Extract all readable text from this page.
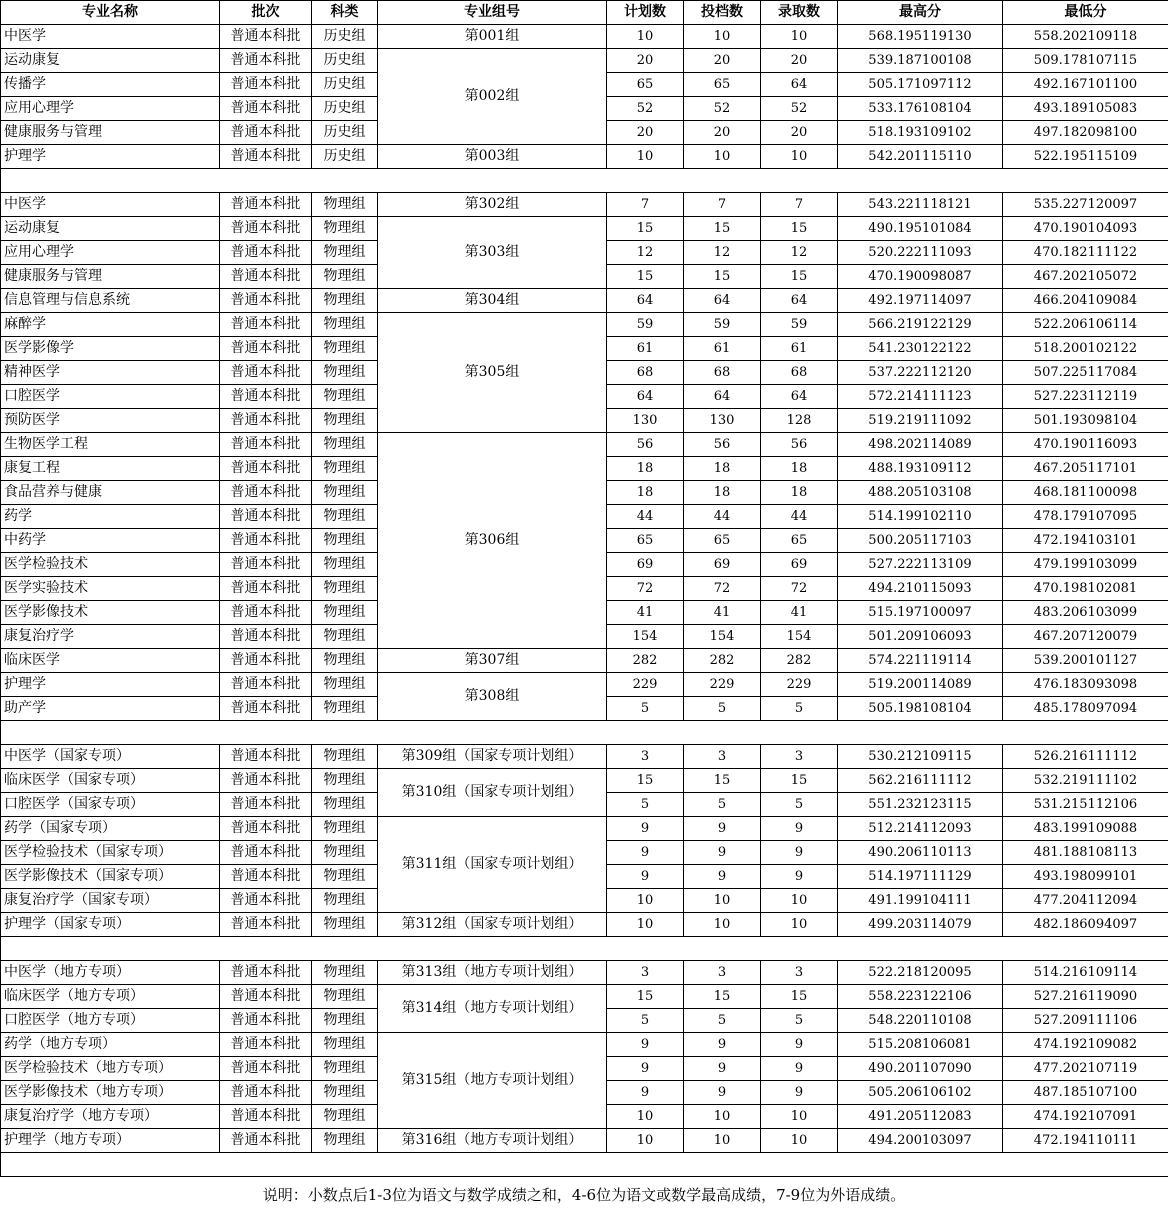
专业名称	批次	科类	专业组号	计划数	投档数	录取数	最高分	最低分
中医学	普通本科批	历史组	第001组	10	10	10	568.195119130	558.202109118
运动康复	普通本科批	历史组	第002组	20	20	20	539.187100108	509.178107115
传播学	普通本科批	历史组		65	65	64	505.171097112	492.167101100
应用心理学	普通本科批	历史组		52	52	52	533.176108104	493.189105083
健康服务与管理	普通本科批	历史组		20	20	20	518.193109102	497.182098100
护理学	普通本科批	历史组	第003组	10	10	10	542.201115110	522.195115109

中医学	普通本科批	物理组	第302组	7	7	7	543.221118121	535.227120097
运动康复	普通本科批	物理组	第303组	15	15	15	490.195101084	470.190104093
应用心理学	普通本科批	物理组		12	12	12	520.222111093	470.182111122
健康服务与管理	普通本科批	物理组		15	15	15	470.190098087	467.202105072
信息管理与信息系统	普通本科批	物理组	第304组	64	64	64	492.197114097	466.204109084
麻醉学	普通本科批	物理组	第305组	59	59	59	566.219122129	522.206106114
医学影像学	普通本科批	物理组		61	61	61	541.230122122	518.200102122
精神医学	普通本科批	物理组		68	68	68	537.222112120	507.225117084
口腔医学	普通本科批	物理组		64	64	64	572.214111123	527.223112119
预防医学	普通本科批	物理组		130	130	128	519.219111092	501.193098104
生物医学工程	普通本科批	物理组	第306组	56	56	56	498.202114089	470.190116093
康复工程	普通本科批	物理组		18	18	18	488.193109112	467.205117101
食品营养与健康	普通本科批	物理组		18	18	18	488.205103108	468.181100098
药学	普通本科批	物理组		44	44	44	514.199102110	478.179107095
中药学	普通本科批	物理组		65	65	65	500.205117103	472.194103101
医学检验技术	普通本科批	物理组		69	69	69	527.222113109	479.199103099
医学实验技术	普通本科批	物理组		72	72	72	494.210115093	470.198102081
医学影像技术	普通本科批	物理组		41	41	41	515.197100097	483.206103099
康复治疗学	普通本科批	物理组		154	154	154	501.209106093	467.207120079
临床医学	普通本科批	物理组	第307组	282	282	282	574.221119114	539.200101127
护理学	普通本科批	物理组	第308组	229	229	229	519.200114089	476.183093098
助产学	普通本科批	物理组		5	5	5	505.198108104	485.178097094

中医学（国家专项）	普通本科批	物理组	第309组（国家专项计划组）	3	3	3	530.212109115	526.216111112
临床医学（国家专项）	普通本科批	物理组	第310组（国家专项计划组）	15	15	15	562.216111112	532.219111102
口腔医学（国家专项）	普通本科批	物理组		5	5	5	551.232123115	531.215112106
药学（国家专项）	普通本科批	物理组	第311组（国家专项计划组）	9	9	9	512.214112093	483.199109088
医学检验技术（国家专项）	普通本科批	物理组		9	9	9	490.206110113	481.188108113
医学影像技术（国家专项）	普通本科批	物理组		9	9	9	514.197111129	493.198099101
康复治疗学（国家专项）	普通本科批	物理组		10	10	10	491.199104111	477.204112094
护理学（国家专项）	普通本科批	物理组	第312组（国家专项计划组）	10	10	10	499.203114079	482.186094097

中医学（地方专项）	普通本科批	物理组	第313组（地方专项计划组）	3	3	3	522.218120095	514.216109114
临床医学（地方专项）	普通本科批	物理组	第314组（地方专项计划组）	15	15	15	558.223122106	527.216119090
口腔医学（地方专项）	普通本科批	物理组		5	5	5	548.220110108	527.209111106
药学（地方专项）	普通本科批	物理组	第315组（地方专项计划组）	9	9	9	515.208106081	474.192109082
医学检验技术（地方专项）	普通本科批	物理组		9	9	9	490.201107090	477.202107119
医学影像技术（地方专项）	普通本科批	物理组		9	9	9	505.206106102	487.185107100
康复治疗学（地方专项）	普通本科批	物理组		10	10	10	491.205112083	474.192107091
护理学（地方专项）	普通本科批	物理组	第316组（地方专项计划组）	10	10	10	494.200103097	472.194110111

说明：小数点后1-3位为语文与数学成绩之和，4-6位为语文或数学最高成绩，7-9位为外语成绩。
